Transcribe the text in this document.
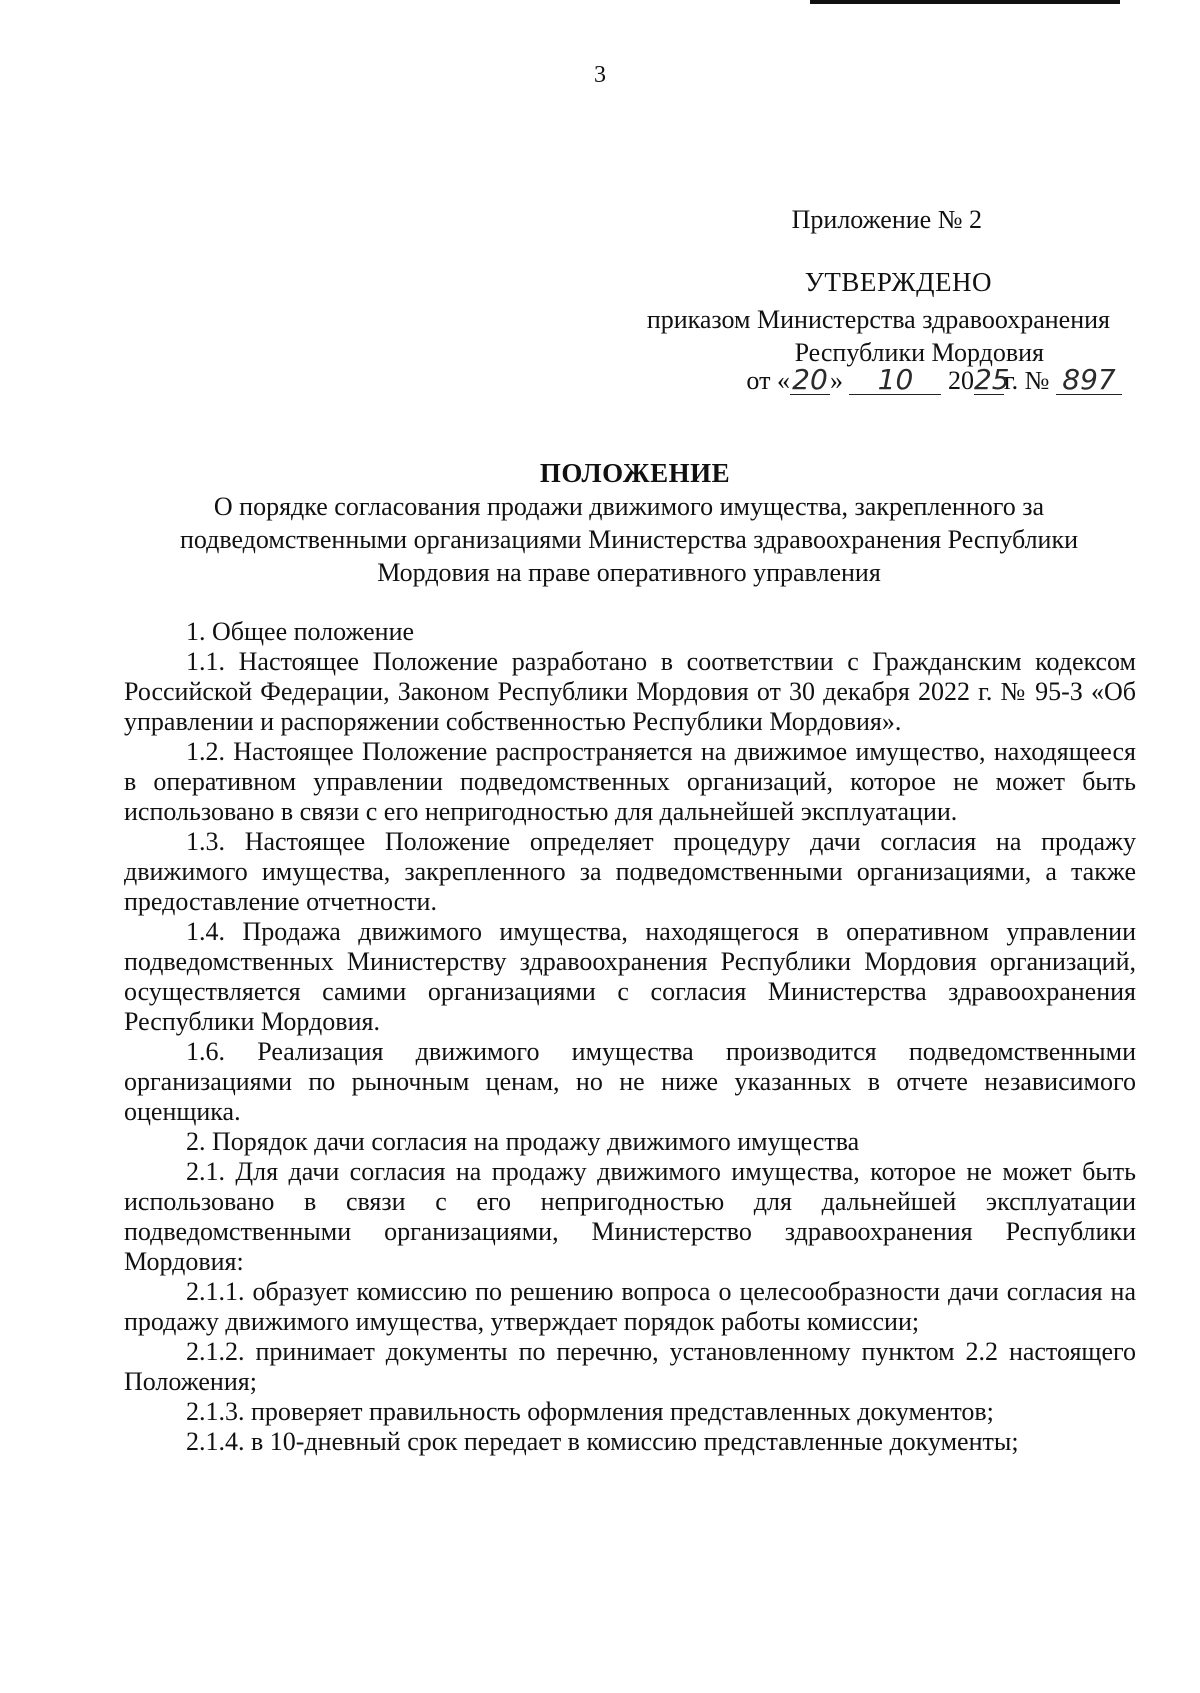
3
Приложение № 2
УТВЕРЖДЕНО
приказом Министерства здравоохранения
Республики Мордовия
от «20» 10 2025г. № 897
ПОЛОЖЕНИЕ
О порядке согласования продажи движимого имущества, закрепленного за подведомственными организациями Министерства здравоохранения Республики Мордовия на праве оперативного управления

1. Общее положение

1.1. Настоящее Положение разработано в соответствии с Гражданским кодексом Российской Федерации, Законом Республики Мордовия от 30 декабря 2022 г. № 95-З «Об управлении и распоряжении собственностью Республики Мордовия».

1.2. Настоящее Положение распространяется на движимое имущество, находящееся в оперативном управлении подведомственных организаций, которое не может быть использовано в связи с его непригодностью для дальнейшей эксплуатации.

1.3. Настоящее Положение определяет процедуру дачи согласия на продажу движимого имущества, закрепленного за подведомственными организациями, а также предоставление отчетности.

1.4. Продажа движимого имущества, находящегося в оперативном управлении подведомственных Министерству здравоохранения Республики Мордовия организаций, осуществляется самими организациями с согласия Министерства здравоохранения Республики Мордовия.

1.6. Реализация движимого имущества производится подведомственными организациями по рыночным ценам, но не ниже указанных в отчете независимого оценщика.

2. Порядок дачи согласия на продажу движимого имущества

2.1. Для дачи согласия на продажу движимого имущества, которое не может быть использовано в связи с его непригодностью для дальнейшей эксплуатации подведомственными организациями, Министерство здравоохранения Республики Мордовия:

2.1.1. образует комиссию по решению вопроса о целесообразности дачи согласия на продажу движимого имущества, утверждает порядок работы комиссии;

2.1.2. принимает документы по перечню, установленному пунктом 2.2 настоящего Положения;

2.1.3. проверяет правильность оформления представленных документов;

2.1.4. в 10-дневный срок передает в комиссию представленные документы;
